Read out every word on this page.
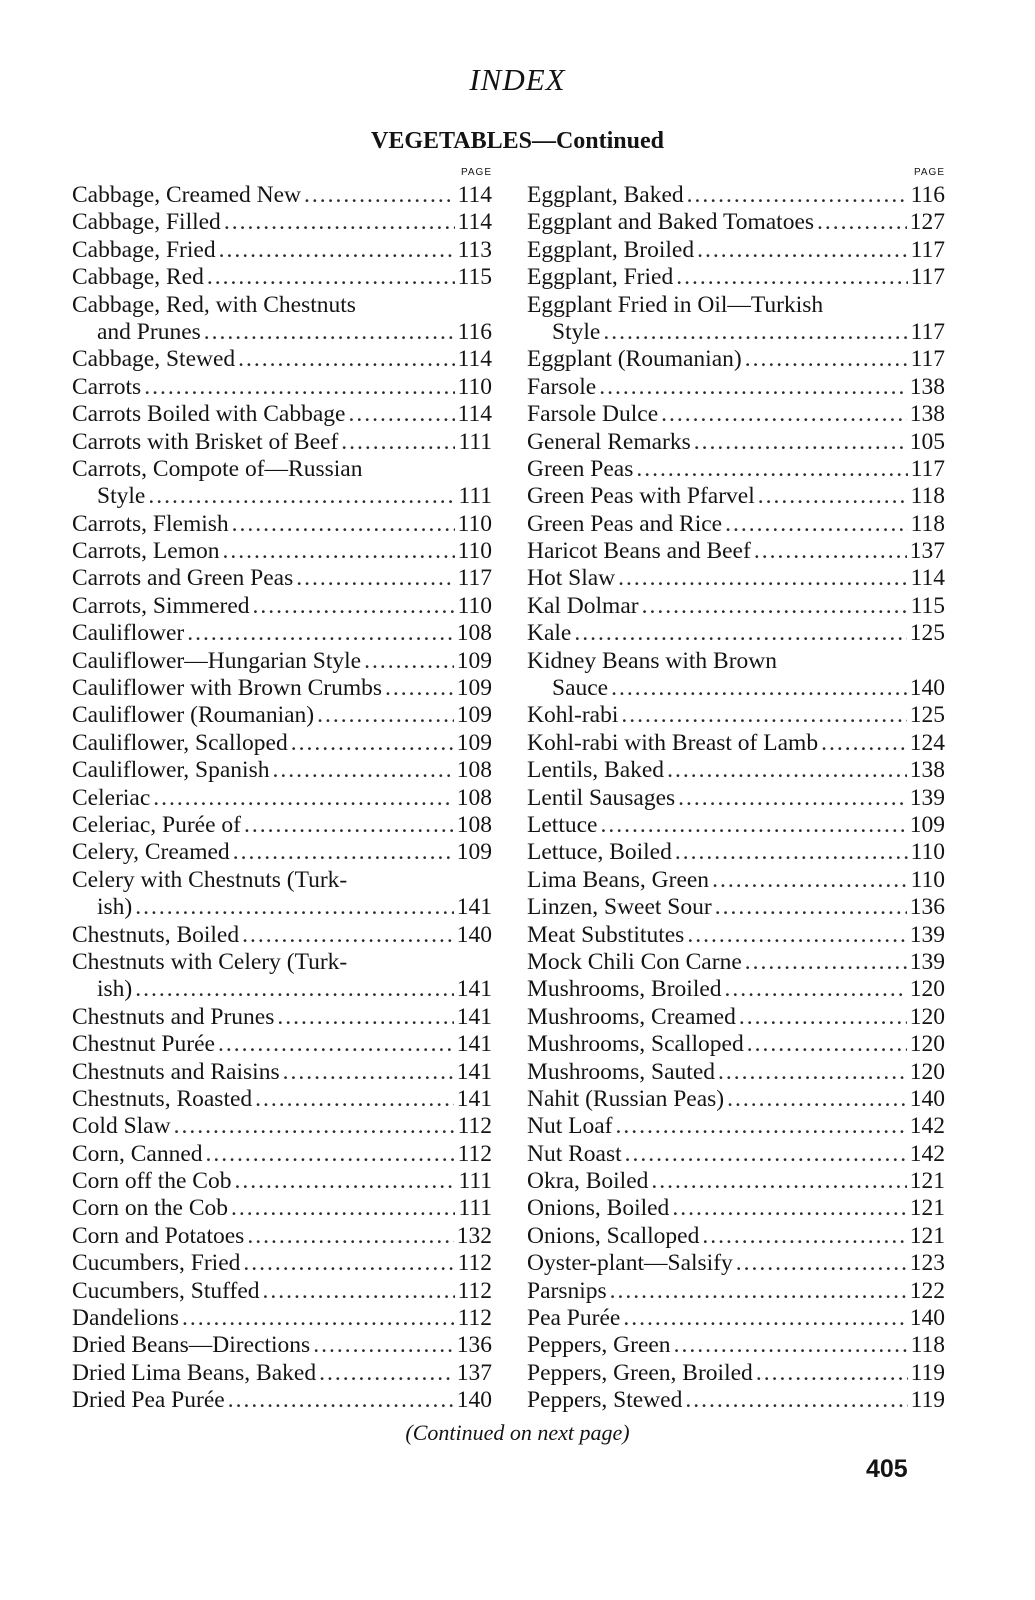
INDEX
VEGETABLES—Continued
PAGE
Cabbage, Creamed New .....	114
Cabbage, Filled .....	114
Cabbage, Fried .....	113
Cabbage, Red .....	115
Cabbage, Red, with Chestnuts
and Prunes .....	116
Cabbage, Stewed .....	114
Carrots .....	110
Carrots Boiled with Cabbage .....	114
Carrots with Brisket of Beef .....	111
Carrots, Compote of—Russian
Style .....	111
Carrots, Flemish .....	110
Carrots, Lemon .....	110
Carrots and Green Peas .....	117
Carrots, Simmered .....	110
Cauliflower .....	108
Cauliflower—Hungarian Style .....	109
Cauliflower with Brown Crumbs .....	109
Cauliflower (Roumanian) .....	109
Cauliflower, Scalloped .....	109
Cauliflower, Spanish .....	108
Celeriac .....	108
Celeriac, Purée of .....	108
Celery, Creamed .....	109
Celery with Chestnuts (Turk-
ish) .....	141
Chestnuts, Boiled .....	140
Chestnuts with Celery (Turk-
ish) .....	141
Chestnuts and Prunes .....	141
Chestnut Purée .....	141
Chestnuts and Raisins .....	141
Chestnuts, Roasted .....	141
Cold Slaw .....	112
Corn, Canned .....	112
Corn off the Cob .....	111
Corn on the Cob .....	111
Corn and Potatoes .....	132
Cucumbers, Fried .....	112
Cucumbers, Stuffed .....	112
Dandelions .....	112
Dried Beans—Directions .....	136
Dried Lima Beans, Baked .....	137
Dried Pea Purée .....	140
PAGE
Eggplant, Baked .....	116
Eggplant and Baked Tomatoes .....	127
Eggplant, Broiled .....	117
Eggplant, Fried .....	117
Eggplant Fried in Oil—Turkish
Style .....	117
Eggplant (Roumanian) .....	117
Farsole .....	138
Farsole Dulce .....	138
General Remarks .....	105
Green Peas .....	117
Green Peas with Pfarvel .....	118
Green Peas and Rice .....	118
Haricot Beans and Beef .....	137
Hot Slaw .....	114
Kal Dolmar .....	115
Kale .....	125
Kidney Beans with Brown
Sauce .....	140
Kohl-rabi .....	125
Kohl-rabi with Breast of Lamb .....	124
Lentils, Baked .....	138
Lentil Sausages .....	139
Lettuce .....	109
Lettuce, Boiled .....	110
Lima Beans, Green .....	110
Linzen, Sweet Sour .....	136
Meat Substitutes .....	139
Mock Chili Con Carne .....	139
Mushrooms, Broiled .....	120
Mushrooms, Creamed .....	120
Mushrooms, Scalloped .....	120
Mushrooms, Sauted .....	120
Nahit (Russian Peas) .....	140
Nut Loaf .....	142
Nut Roast .....	142
Okra, Boiled .....	121
Onions, Boiled .....	121
Onions, Scalloped .....	121
Oyster-plant—Salsify .....	123
Parsnips .....	122
Pea Purée .....	140
Peppers, Green .....	118
Peppers, Green, Broiled .....	119
Peppers, Stewed .....	119
(Continued on next page)
405
